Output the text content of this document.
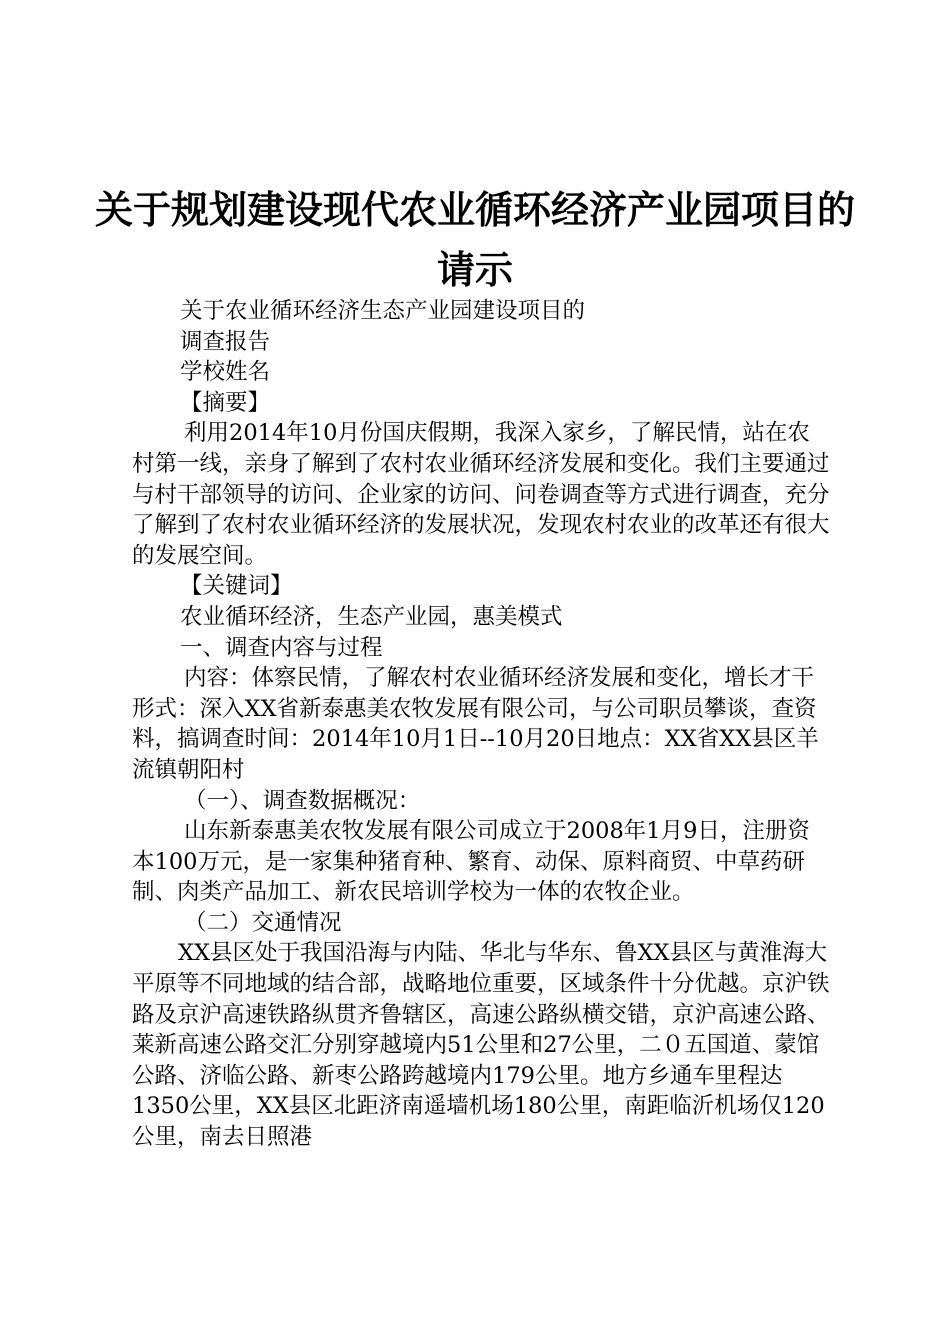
关于规划建设现代农业循环经济产业园项目的
请示

关于农业循环经济生态产业园建设项目的

调查报告

学校姓名

【摘要】

利用2014年10月份国庆假期，我深入家乡，了解民情，站在农村第一线，亲身了解到了农村农业循环经济发展和变化。我们主要通过与村干部领导的访问、企业家的访问、问卷调查等方式进行调查，充分了解到了农村农业循环经济的发展状况，发现农村农业的改革还有很大的发展空间。

【关键词】

农业循环经济，生态产业园，惠美模式

一、调查内容与过程

内容：体察民情，了解农村农业循环经济发展和变化，增长才干形式：深入XX省新泰惠美农牧发展有限公司，与公司职员攀谈，查资料，搞调查时间：2014年10月1日--10月20日地点：XX省XX县区羊流镇朝阳村

（一）、调查数据概况：

山东新泰惠美农牧发展有限公司成立于2008年1月9日，注册资本100万元，是一家集种猪育种、繁育、动保、原料商贸、中草药研制、肉类产品加工、新农民培训学校为一体的农牧企业。

（二）交通情况

XX县区处于我国沿海与内陆、华北与华东、鲁XX县区与黄淮海大平原等不同地域的结合部，战略地位重要，区域条件十分优越。京沪铁路及京沪高速铁路纵贯齐鲁辖区，高速公路纵横交错，京沪高速公路、莱新高速公路交汇分别穿越境内51公里和27公里，二０五国道、蒙馆公路、济临公路、新枣公路跨越境内179公里。地方乡通车里程达1350公里，XX县区北距济南遥墙机场180公里，南距临沂机场仅120公里，南去日照港
